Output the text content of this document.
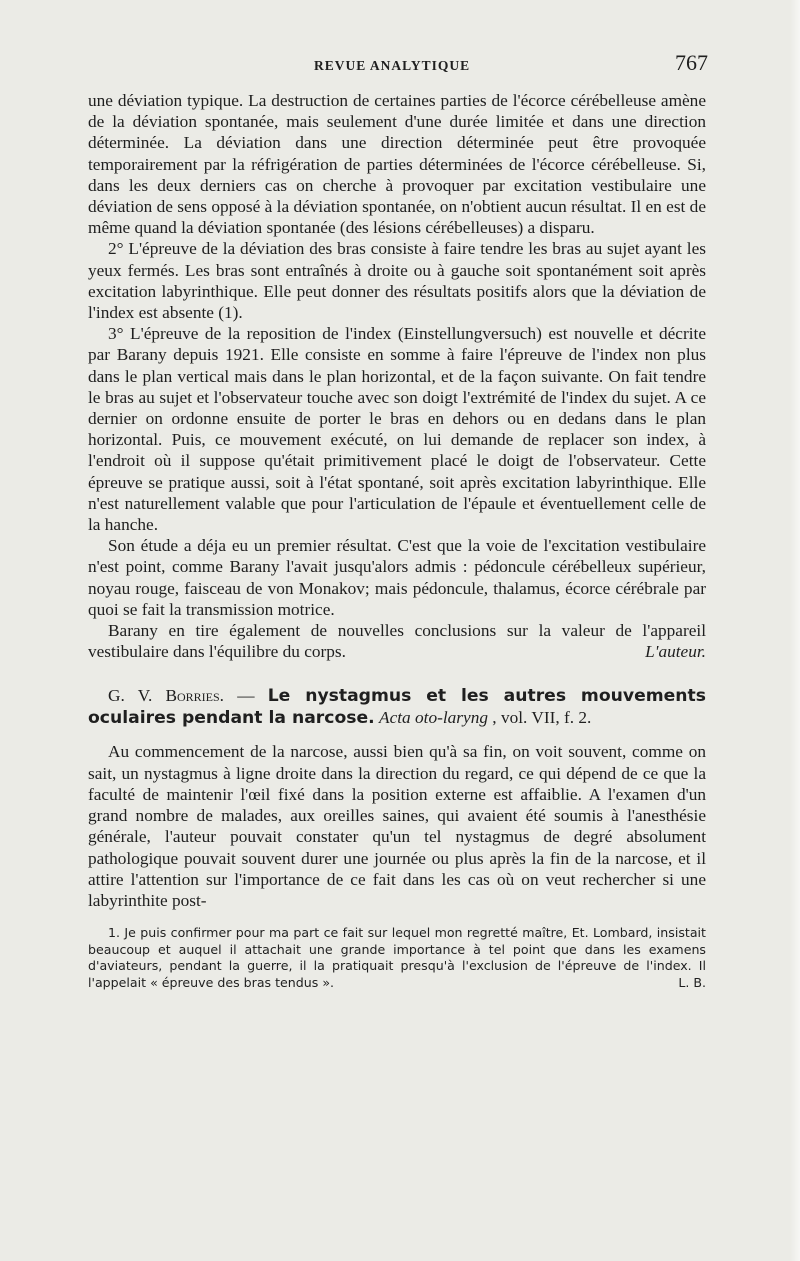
REVUE ANALYTIQUE	767

une déviation typique. La destruction de certaines parties de l'écorce cérébelleuse amène de la déviation spontanée, mais seulement d'une durée limitée et dans une direction déterminée. La déviation dans une direction déterminée peut être provoquée temporairement par la réfrigération de parties déterminées de l'écorce cérébelleuse. Si, dans les deux derniers cas on cherche à provoquer par excitation vestibulaire une déviation de sens opposé à la déviation spontanée, on n'obtient aucun résultat. Il en est de même quand la déviation spontanée (des lésions cérébelleuses) a disparu.

2° L'épreuve de la déviation des bras consiste à faire tendre les bras au sujet ayant les yeux fermés. Les bras sont entraînés à droite ou à gauche soit spontanément soit après excitation labyrinthique. Elle peut donner des résultats positifs alors que la déviation de l'index est absente (1).

3° L'épreuve de la reposition de l'index (Einstellungversuch) est nouvelle et décrite par Barany depuis 1921. Elle consiste en somme à faire l'épreuve de l'index non plus dans le plan vertical mais dans le plan horizontal, et de la façon suivante. On fait tendre le bras au sujet et l'observateur touche avec son doigt l'extrémité de l'index du sujet. A ce dernier on ordonne ensuite de porter le bras en dehors ou en dedans dans le plan horizontal. Puis, ce mouvement exécuté, on lui demande de replacer son index, à l'endroit où il suppose qu'était primitivement placé le doigt de l'observateur. Cette épreuve se pratique aussi, soit à l'état spontané, soit après excitation labyrinthique. Elle n'est naturellement valable que pour l'articulation de l'épaule et éventuellement celle de la hanche.

Son étude a déja eu un premier résultat. C'est que la voie de l'excitation vestibulaire n'est point, comme Barany l'avait jusqu'alors admis : pédoncule cérébelleux supérieur, noyau rouge, faisceau de von Monakov; mais pédoncule, thalamus, écorce cérébrale par quoi se fait la transmission motrice.

Barany en tire également de nouvelles conclusions sur la valeur de l'appareil vestibulaire dans l'équilibre du corps.	L'auteur.

G. V. Borries. — Le nystagmus et les autres mouvements oculaires pendant la narcose. Acta oto-laryng , vol. VII, f. 2.

Au commencement de la narcose, aussi bien qu'à sa fin, on voit souvent, comme on sait, un nystagmus à ligne droite dans la direction du regard, ce qui dépend de ce que la faculté de maintenir l'œil fixé dans la position externe est affaiblie. A l'examen d'un grand nombre de malades, aux oreilles saines, qui avaient été soumis à l'anesthésie générale, l'auteur pouvait constater qu'un tel nystagmus de degré absolument pathologique pouvait souvent durer une journée ou plus après la fin de la narcose, et il attire l'attention sur l'importance de ce fait dans les cas où on veut rechercher si une labyrinthite post-

1. Je puis confirmer pour ma part ce fait sur lequel mon regretté maître, Et. Lombard, insistait beaucoup et auquel il attachait une grande importance à tel point que dans les examens d'aviateurs, pendant la guerre, il la pratiquait presqu'à l'exclusion de l'épreuve de l'index. Il l'appelait « épreuve des bras tendus ».	L. B.
